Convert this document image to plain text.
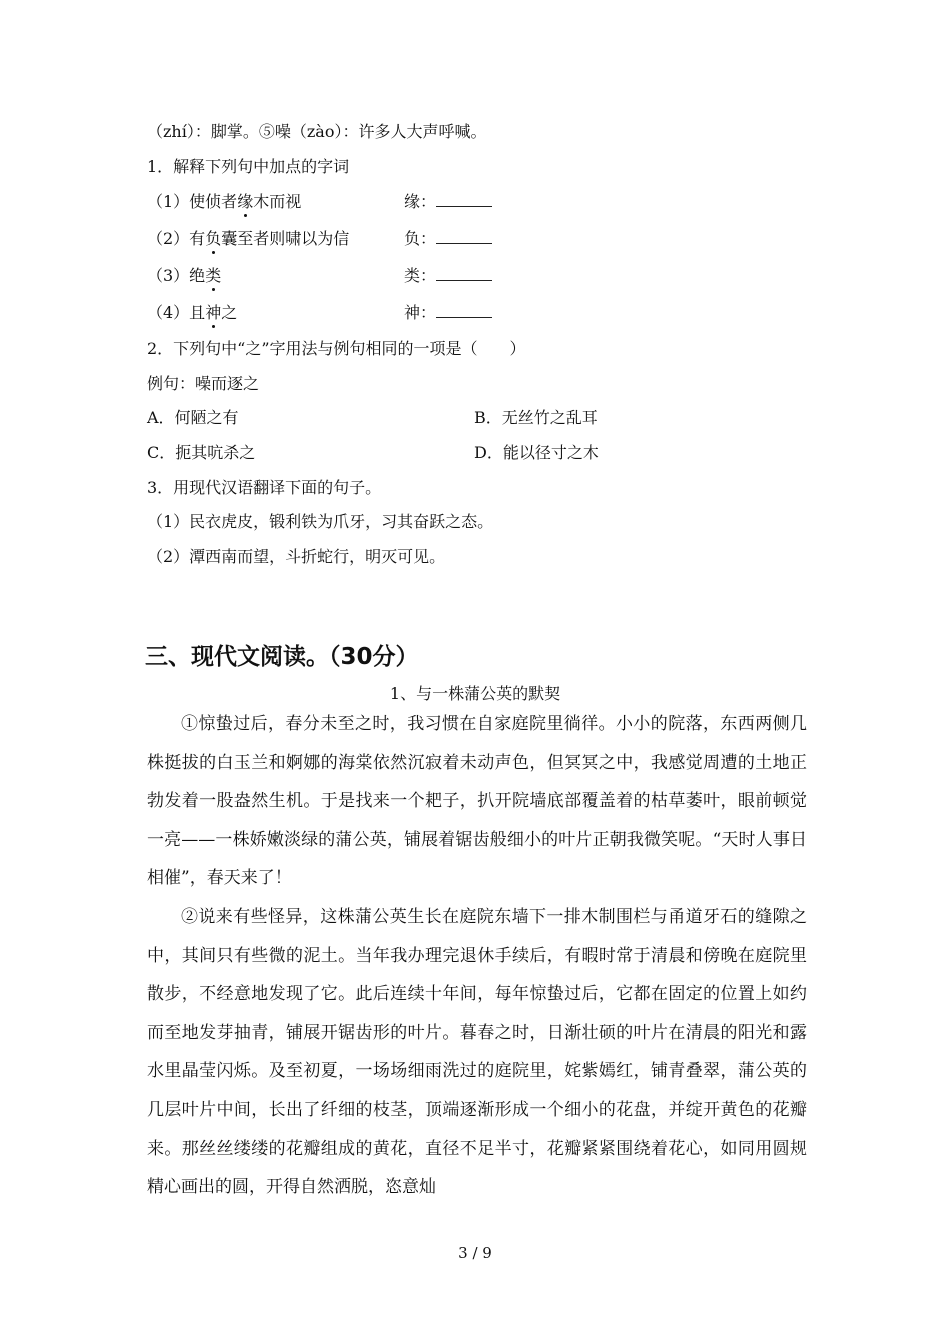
（zhí）：脚掌。⑤噪（zào）：许多人大声呼喊。
1．解释下列句中加点的字词
（1）使侦者缘木而视	缘：
（2）有负囊至者则啸以为信	负：
（3）绝类	类：
（4）且神之	神：
2．下列句中“之”字用法与例句相同的一项是（　　）
例句：噪而逐之
A．何陋之有	B．无丝竹之乱耳
C．扼其吭杀之	D．能以径寸之木
3．用现代汉语翻译下面的句子。
（1）民衣虎皮，锻利铁为爪牙，习其奋跃之态。
（2）潭西南而望，斗折蛇行，明灭可见。
三、现代文阅读。（30分）
1、与一株蒲公英的默契

①惊蛰过后，春分未至之时，我习惯在自家庭院里徜徉。小小的院落，东西两侧几株挺拔的白玉兰和婀娜的海棠依然沉寂着未动声色，但冥冥之中，我感觉周遭的土地正勃发着一股盎然生机。于是找来一个耙子，扒开院墙底部覆盖着的枯草萎叶，眼前顿觉一亮——一株娇嫩淡绿的蒲公英，铺展着锯齿般细小的叶片正朝我微笑呢。“天时人事日相催”，春天来了！

②说来有些怪异，这株蒲公英生长在庭院东墙下一排木制围栏与甬道牙石的缝隙之中，其间只有些微的泥土。当年我办理完退休手续后，有暇时常于清晨和傍晚在庭院里散步，不经意地发现了它。此后连续十年间，每年惊蛰过后，它都在固定的位置上如约而至地发芽抽青，铺展开锯齿形的叶片。暮春之时，日渐壮硕的叶片在清晨的阳光和露水里晶莹闪烁。及至初夏，一场场细雨洗过的庭院里，姹紫嫣红，铺青叠翠，蒲公英的几层叶片中间，长出了纤细的枝茎，顶端逐渐形成一个细小的花盘，并绽开黄色的花瓣来。那丝丝缕缕的花瓣组成的黄花，直径不足半寸，花瓣紧紧围绕着花心，如同用圆规精心画出的圆，开得自然洒脱，恣意灿

3 / 9
